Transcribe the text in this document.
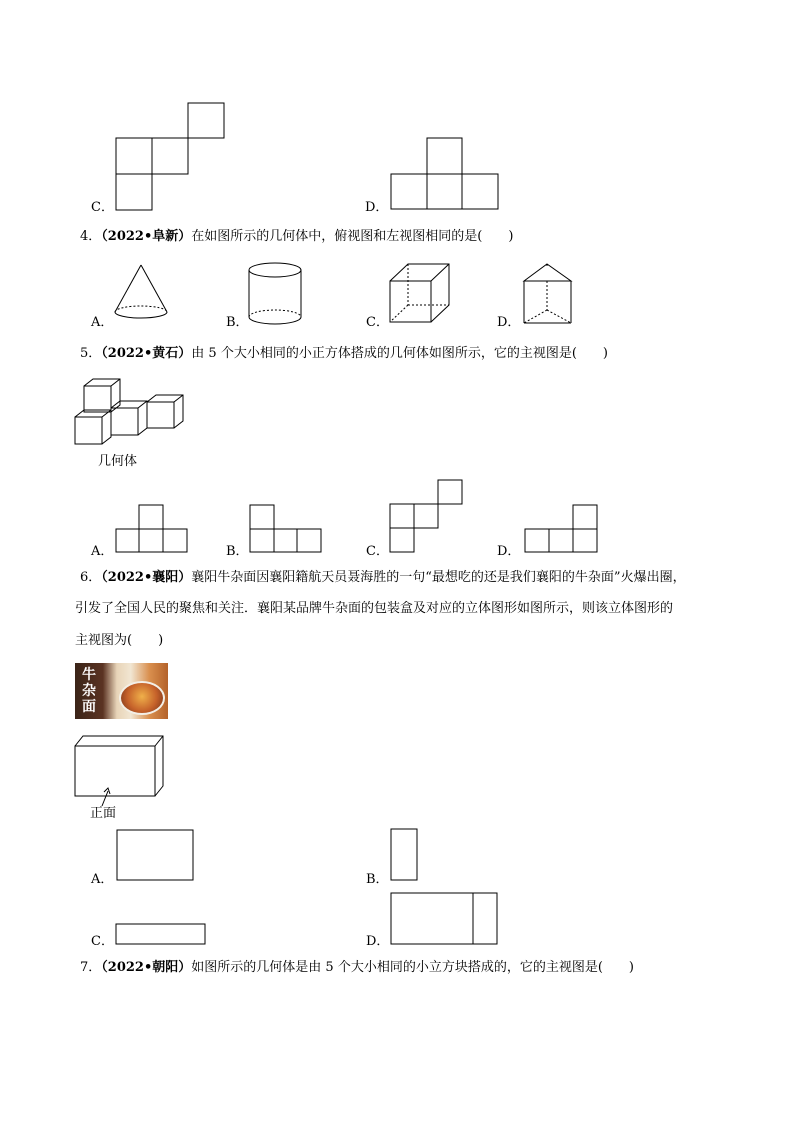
C．	D．
4．（2022•阜新）在如图所示的几何体中，俯视图和左视图相同的是(　　)
A．	B．	C．	D．
5．（2022•黄石）由 5 个大小相同的小正方体搭成的几何体如图所示，它的主视图是(　　)
几何体
A．	B．	C．	D．
6．（2022•襄阳）襄阳牛杂面因襄阳籍航天员聂海胜的一句“最想吃的还是我们襄阳的牛杂面”火爆出圈，
引发了全国人民的聚焦和关注．襄阳某品牌牛杂面的包装盒及对应的立体图形如图所示，则该立体图形的
主视图为(　　)
牛杂面
正面
A．	B．
C．	D．
7．（2022•朝阳）如图所示的几何体是由 5 个大小相同的小立方块搭成的，它的主视图是(　　)
